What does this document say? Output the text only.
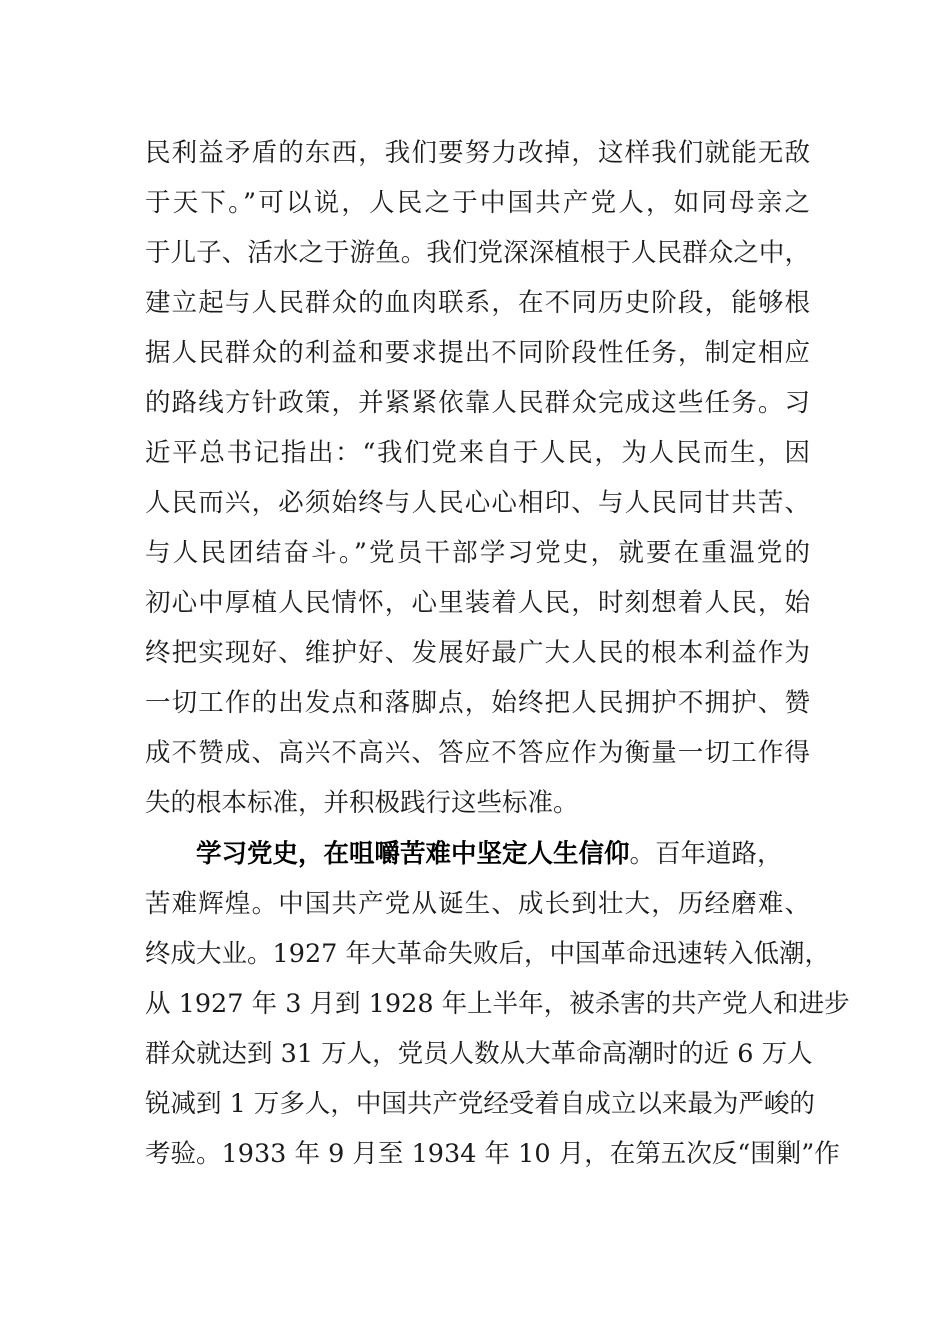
民利益矛盾的东西，我们要努力改掉，这样我们就能无敌
于天下。”可以说，人民之于中国共产党人，如同母亲之
于儿子、活水之于游鱼。我们党深深植根于人民群众之中，
建立起与人民群众的血肉联系，在不同历史阶段，能够根
据人民群众的利益和要求提出不同阶段性任务，制定相应
的路线方针政策，并紧紧依靠人民群众完成这些任务。习
近平总书记指出：“我们党来自于人民，为人民而生，因
人民而兴，必须始终与人民心心相印、与人民同甘共苦、
与人民团结奋斗。”党员干部学习党史，就要在重温党的
初心中厚植人民情怀，心里装着人民，时刻想着人民，始
终把实现好、维护好、发展好最广大人民的根本利益作为
一切工作的出发点和落脚点，始终把人民拥护不拥护、赞
成不赞成、高兴不高兴、答应不答应作为衡量一切工作得
失的根本标准，并积极践行这些标准。
学习党史，在咀嚼苦难中坚定人生信仰。百年道路，
苦难辉煌。中国共产党从诞生、成长到壮大，历经磨难、
终成大业。1927 年大革命失败后，中国革命迅速转入低潮，
从 1927 年 3 月到 1928 年上半年，被杀害的共产党人和进步
群众就达到 31 万人，党员人数从大革命高潮时的近 6 万人
锐减到 1 万多人，中国共产党经受着自成立以来最为严峻的
考验。1933 年 9 月至 1934 年 10 月，在第五次反“围剿”作
